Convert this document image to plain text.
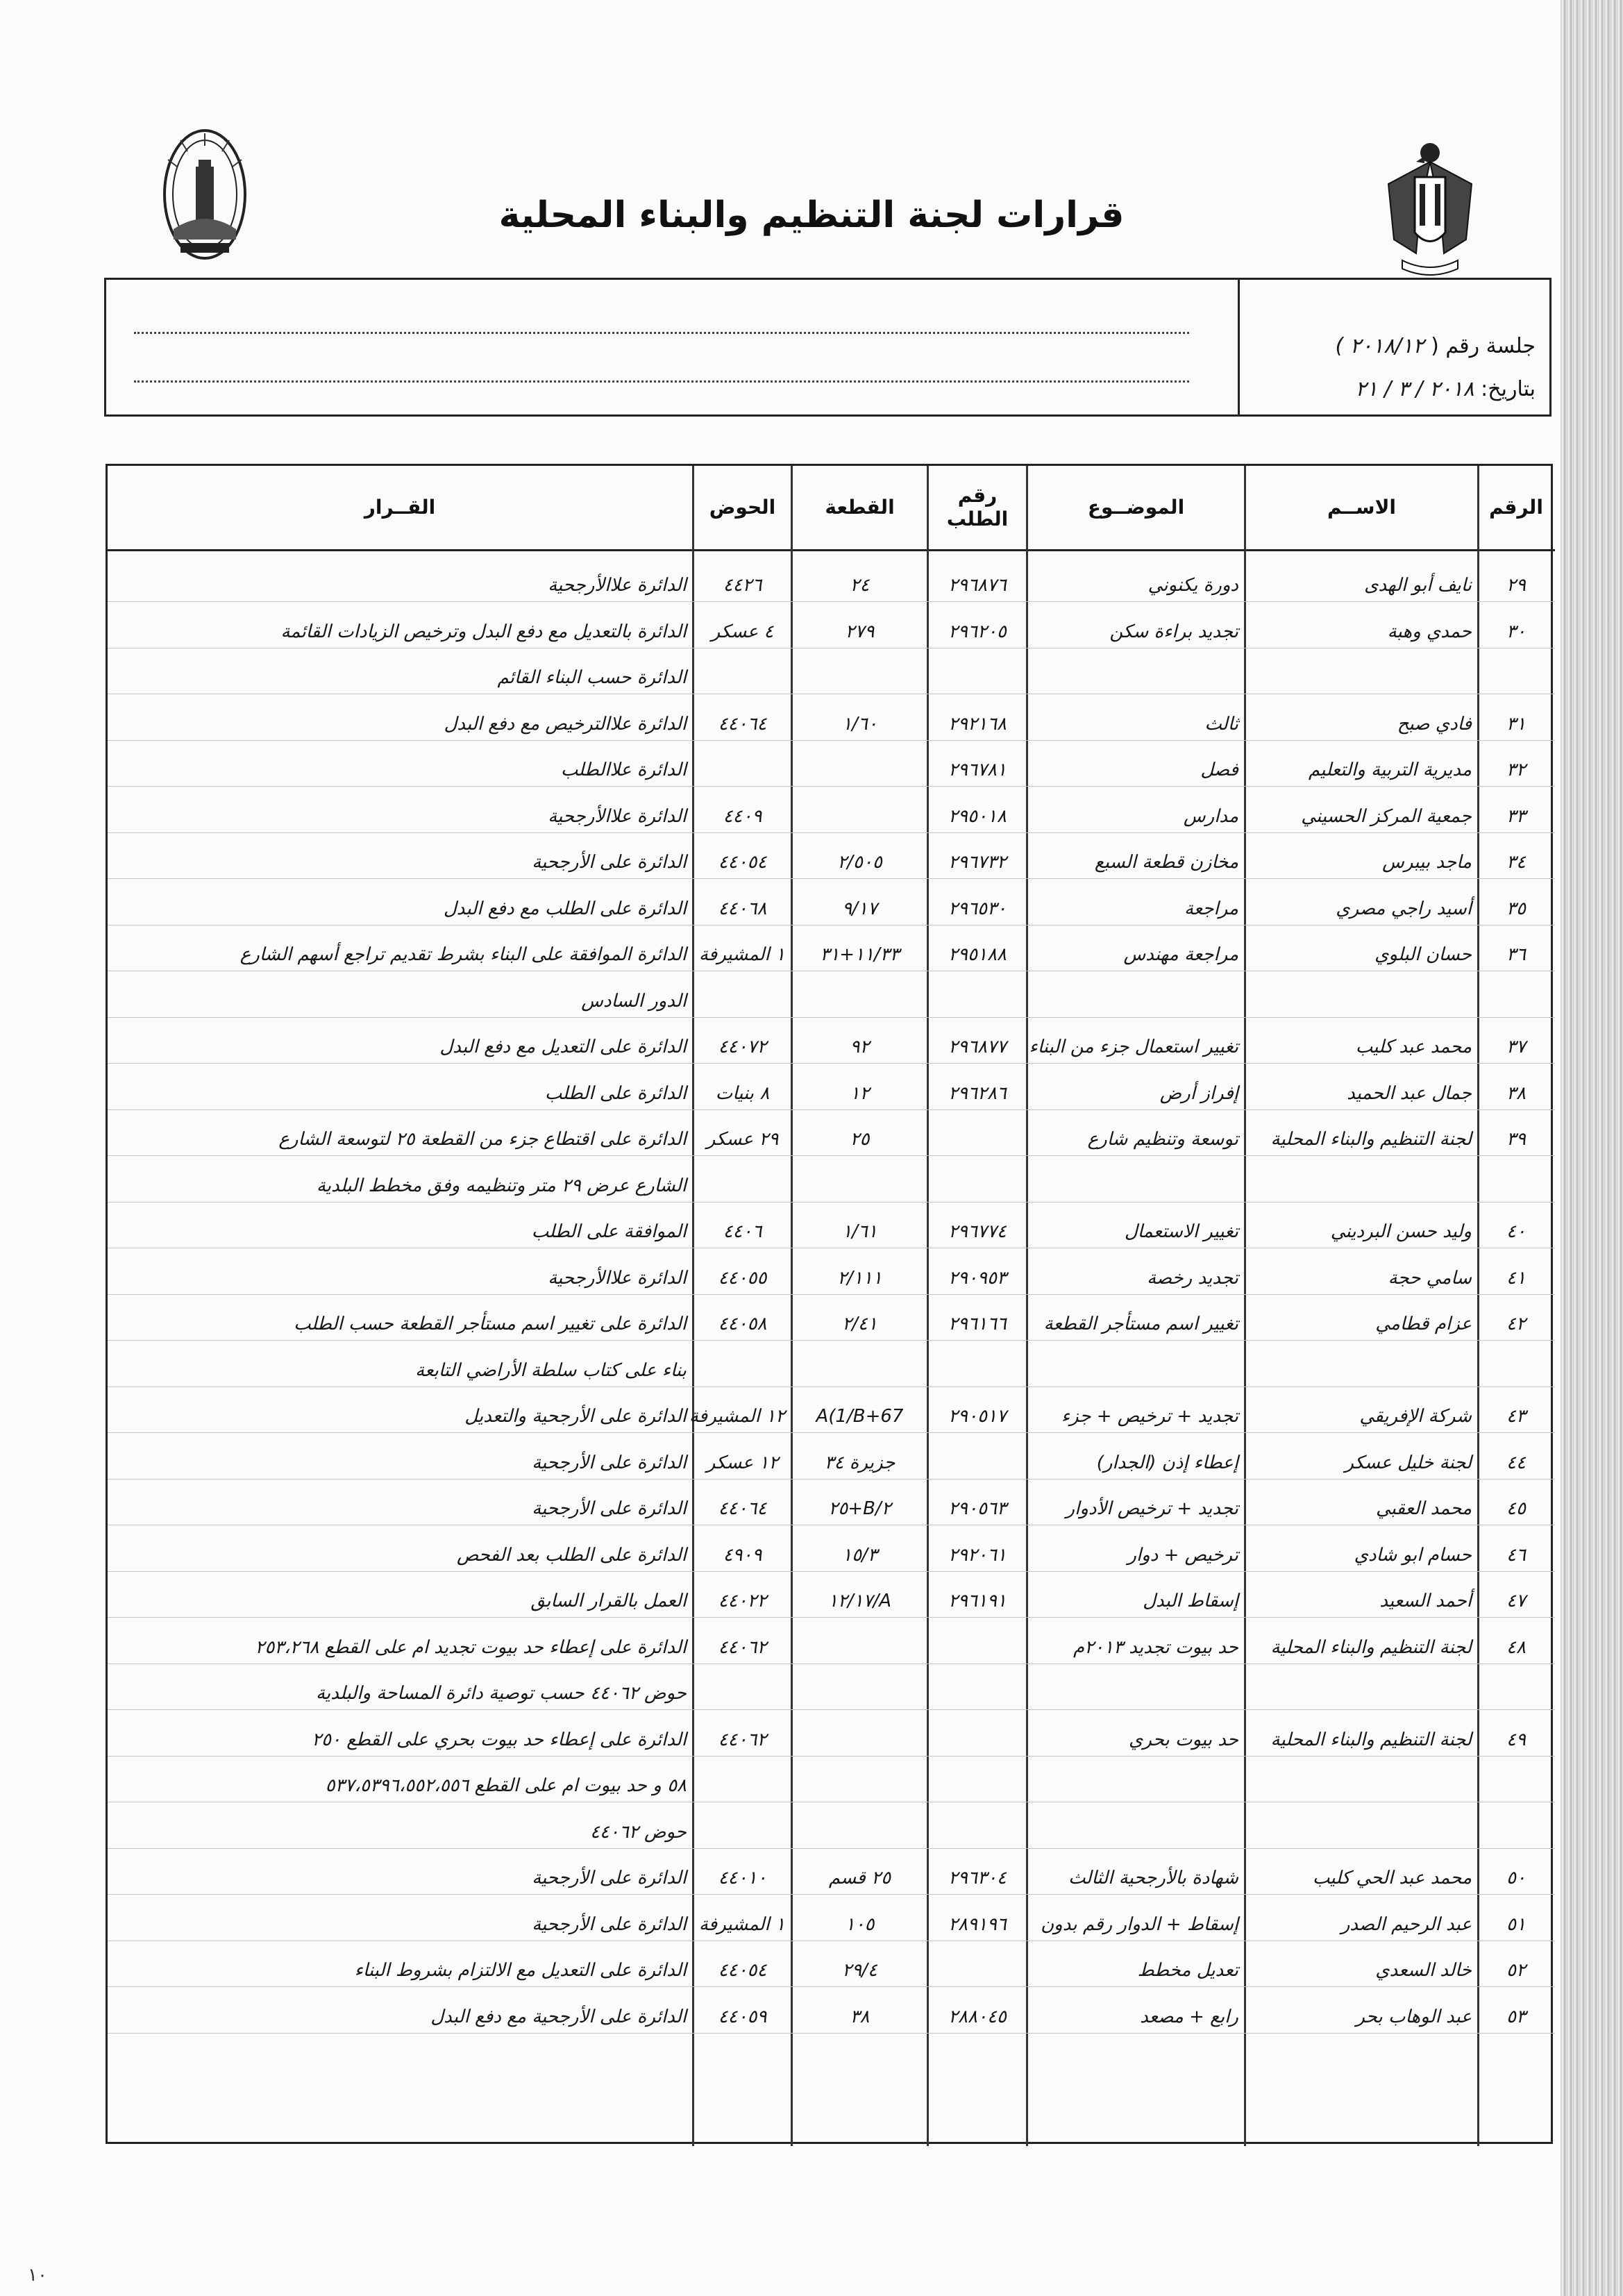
قرارات لجنة التنظيم والبناء المحلية
جلسة رقم ( ٢٠١٨/١٢ )
بتاريخ: ٢٠١٨ / ٣ / ٢١
الرقم
الاســم
الموضــوع
رقم الطلب
القطعة
الحوض
القــرار
٢٩
نايف أبو الهدى
دورة يكنوني
٢٩٦٨٧٦
٢٤
٤٤٢٦
الدائرة علاالأرجحية
٣٠
حمدي وهبة
تجديد براءة سكن
٢٩٦٢٠٥
٢٧٩
٤ عسكر
الدائرة بالتعديل مع دفع البدل وترخيص الزيادات القائمة
الدائرة حسب البناء القائم
٣١
فادي صبح
ثالث
٢٩٢١٦٨
١/٦٠
٤٤٠٦٤
الدائرة علاالترخيص مع دفع البدل
٣٢
مديرية التربية والتعليم
فصل
٢٩٦٧٨١
الدائرة علاالطلب
٣٣
جمعية المركز الحسيني
مدارس
٢٩٥٠١٨
٤٤٠٩
الدائرة علاالأرجحية
٣٤
ماجد بيبرس
مخازن قطعة السبع
٢٩٦٧٣٢
٢/٥٠٥
٤٤٠٥٤
الدائرة على الأرجحية
٣٥
أسيد راجي مصري
مراجعة
٢٩٦٥٣٠
٩/١٧
٤٤٠٦٨
الدائرة على الطلب مع دفع البدل
٣٦
حسان البلوي
مراجعة مهندس
٢٩٥١٨٨
١١/٣٣+٣١
١ المشيرفة
الدائرة الموافقة على البناء بشرط تقديم تراجع أسهم الشارع
الدور السادس
٣٧
محمد عبد كليب
تغيير استعمال جزء من البناء
٢٩٦٨٧٧
٩٢
٤٤٠٧٢
الدائرة على التعديل مع دفع البدل
٣٨
جمال عبد الحميد
إفراز أرض
٢٩٦٢٨٦
١٢
٨ بنيات
الدائرة على الطلب
٣٩
لجنة التنظيم والبناء المحلية
توسعة وتنظيم شارع
٢٥
٢٩ عسكر
الدائرة على اقتطاع جزء من القطعة ٢٥ لتوسعة الشارع
الشارع عرض ٢٩ متر وتنظيمه وفق مخطط البلدية
٤٠
وليد حسن البرديني
تغيير الاستعمال
٢٩٦٧٧٤
١/٦١
٤٤٠٦
الموافقة على الطلب
٤١
سامي حجة
تجديد رخصة
٢٩٠٩٥٣
٢/١١١
٤٤٠٥٥
الدائرة علاالأرجحية
٤٢
عزام قطامي
تغيير اسم مستأجر القطعة
٢٩٦١٦٦
٢/٤١
٤٤٠٥٨
الدائرة على تغيير اسم مستأجر القطعة حسب الطلب
بناء على كتاب سلطة الأراضي التابعة
٤٣
شركة الإفريقي
تجديد + ترخيص + جزء
٢٩٠٥١٧
A(1/B+67
١٢ المشيرفة
الدائرة على الأرجحية والتعديل
٤٤
لجنة خليل عسكر
إعطاء إذن (الجدار)
جزيرة ٣٤
١٢ عسكر
الدائرة على الأرجحية
٤٥
محمد العقبي
تجديد + ترخيص الأدوار
٢٩٠٥٦٣
٢/B+٢٥
٤٤٠٦٤
الدائرة على الأرجحية
٤٦
حسام ابو شادي
ترخيص + دوار
٢٩٢٠٦١
١٥/٣
٤٩٠٩
الدائرة على الطلب بعد الفحص
٤٧
أحمد السعيد
إسقاط البدل
٢٩٦١٩١
A/١٢/١٧
٤٤٠٢٢
العمل بالقرار السابق
٤٨
لجنة التنظيم والبناء المحلية
حد بيوت تجديد ٢٠١٣م
٤٤٠٦٢
الدائرة على إعطاء حد بيوت تجديد ام على القطع ٢٥٣،٢٦٨
حوض ٤٤٠٦٢ حسب توصية دائرة المساحة والبلدية
٤٩
لجنة التنظيم والبناء المحلية
حد بيوت بحري
٤٤٠٦٢
الدائرة على إعطاء حد بيوت بحري على القطع ٢٥٠
٥٨ و حد بيوت ام على القطع ٥٣٧،٥٣٩٦،٥٥٢،٥٥٦
حوض ٤٤٠٦٢
٥٠
محمد عبد الحي كليب
شهادة بالأرجحية الثالث
٢٩٦٣٠٤
٢٥ قسم
٤٤٠١٠
الدائرة على الأرجحية
٥١
عبد الرحيم الصدر
إسقاط + الدوار رقم بدون
٢٨٩١٩٦
١٠٥
١ المشيرفة
الدائرة على الأرجحية
٥٢
خالد السعدي
تعديل مخطط
٢٩/٤
٤٤٠٥٤
الدائرة على التعديل مع الالتزام بشروط البناء
٥٣
عبد الوهاب بحر
رابع + مصعد
٢٨٨٠٤٥
٣٨
٤٤٠٥٩
الدائرة على الأرجحية مع دفع البدل
١٠
